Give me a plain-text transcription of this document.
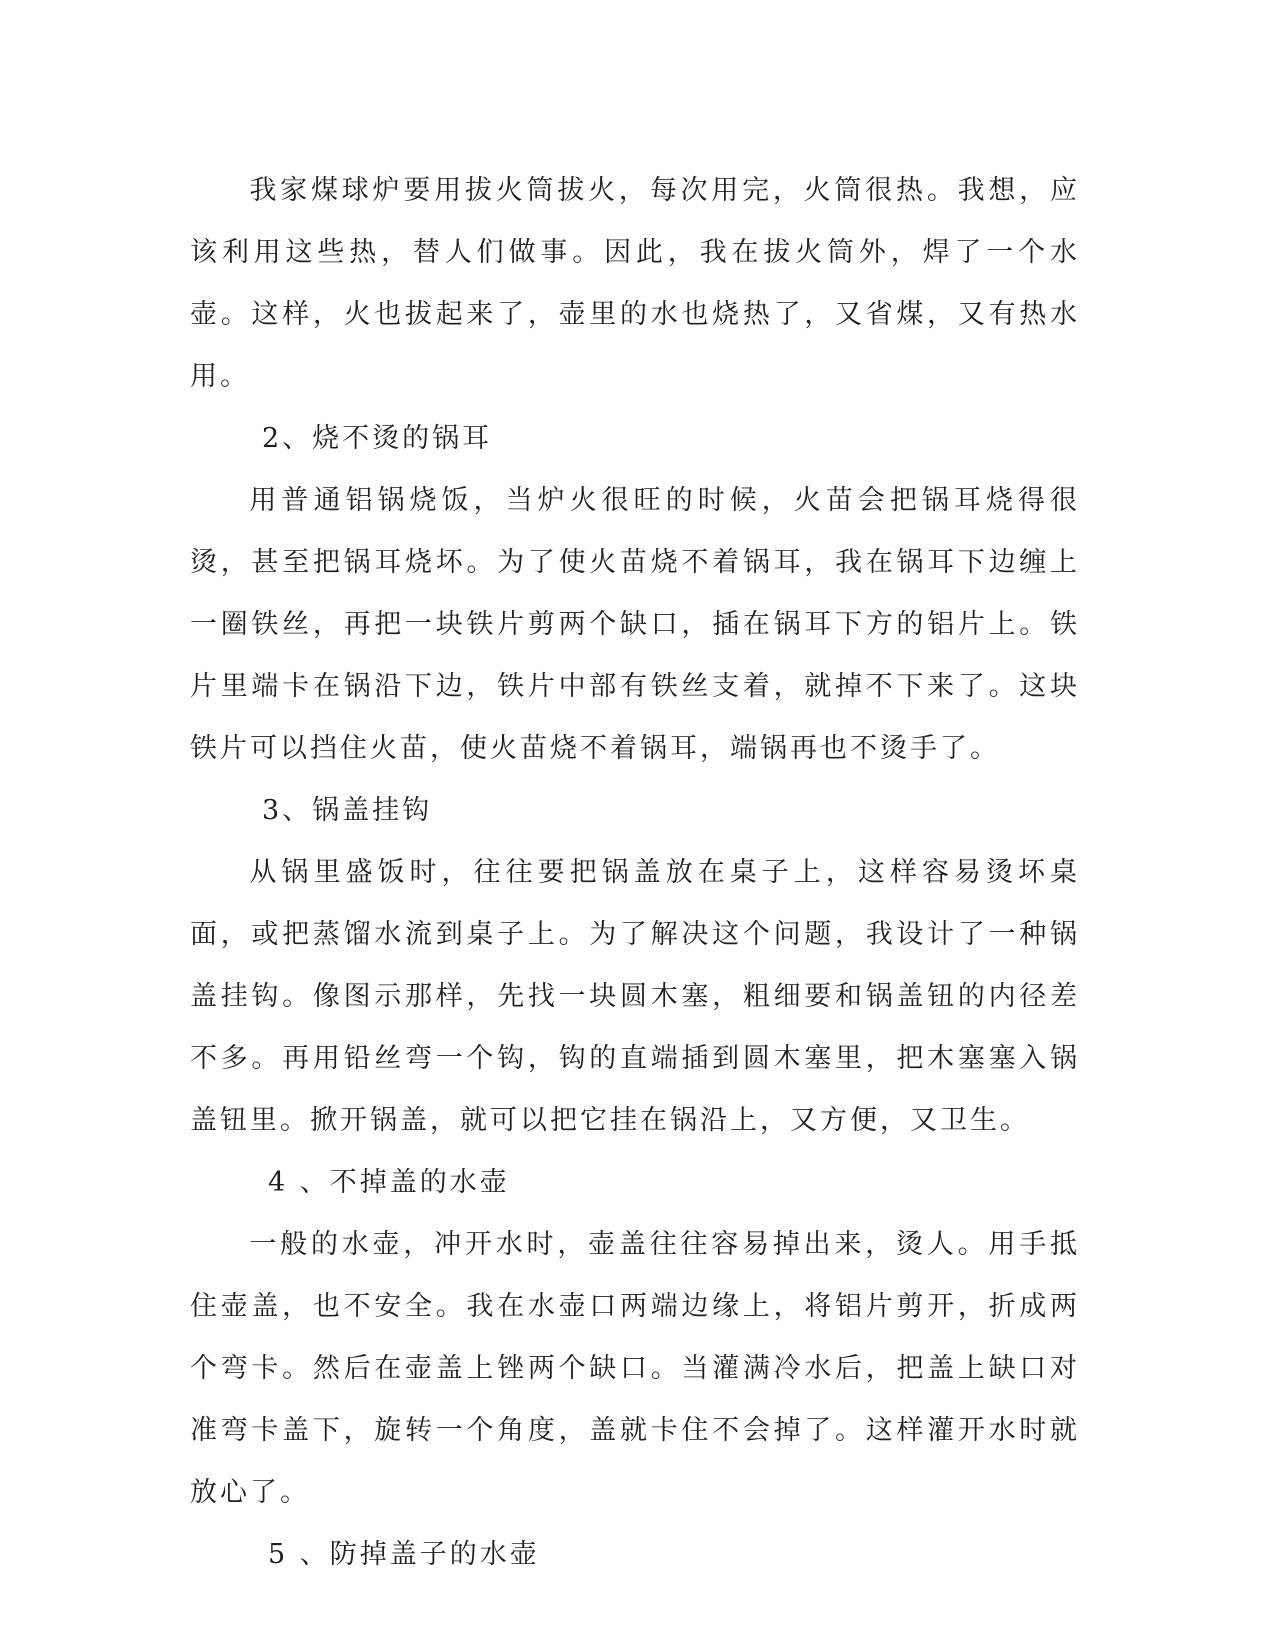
我家煤球炉要用拔火筒拔火，每次用完，火筒很热。我想，应该利用这些热，替人们做事。因此，我在拔火筒外，焊了一个水壶。这样，火也拔起来了，壶里的水也烧热了，又省煤，又有热水用。

2、烧不烫的锅耳

用普通铝锅烧饭，当炉火很旺的时候，火苗会把锅耳烧得很烫，甚至把锅耳烧坏。为了使火苗烧不着锅耳，我在锅耳下边缠上一圈铁丝，再把一块铁片剪两个缺口，插在锅耳下方的铝片上。铁片里端卡在锅沿下边，铁片中部有铁丝支着，就掉不下来了。这块铁片可以挡住火苗，使火苗烧不着锅耳，端锅再也不烫手了。

3、锅盖挂钩

从锅里盛饭时，往往要把锅盖放在桌子上，这样容易烫坏桌面，或把蒸馏水流到桌子上。为了解决这个问题，我设计了一种锅盖挂钩。像图示那样，先找一块圆木塞，粗细要和锅盖钮的内径差不多。再用铅丝弯一个钩，钩的直端插到圆木塞里，把木塞塞入锅盖钮里。掀开锅盖，就可以把它挂在锅沿上，又方便，又卫生。

4 、不掉盖的水壶

一般的水壶，冲开水时，壶盖往往容易掉出来，烫人。用手抵住壶盖，也不安全。我在水壶口两端边缘上，将铝片剪开，折成两个弯卡。然后在壶盖上锉两个缺口。当灌满冷水后，把盖上缺口对准弯卡盖下，旋转一个角度，盖就卡住不会掉了。这样灌开水时就放心了。

5 、防掉盖子的水壶
